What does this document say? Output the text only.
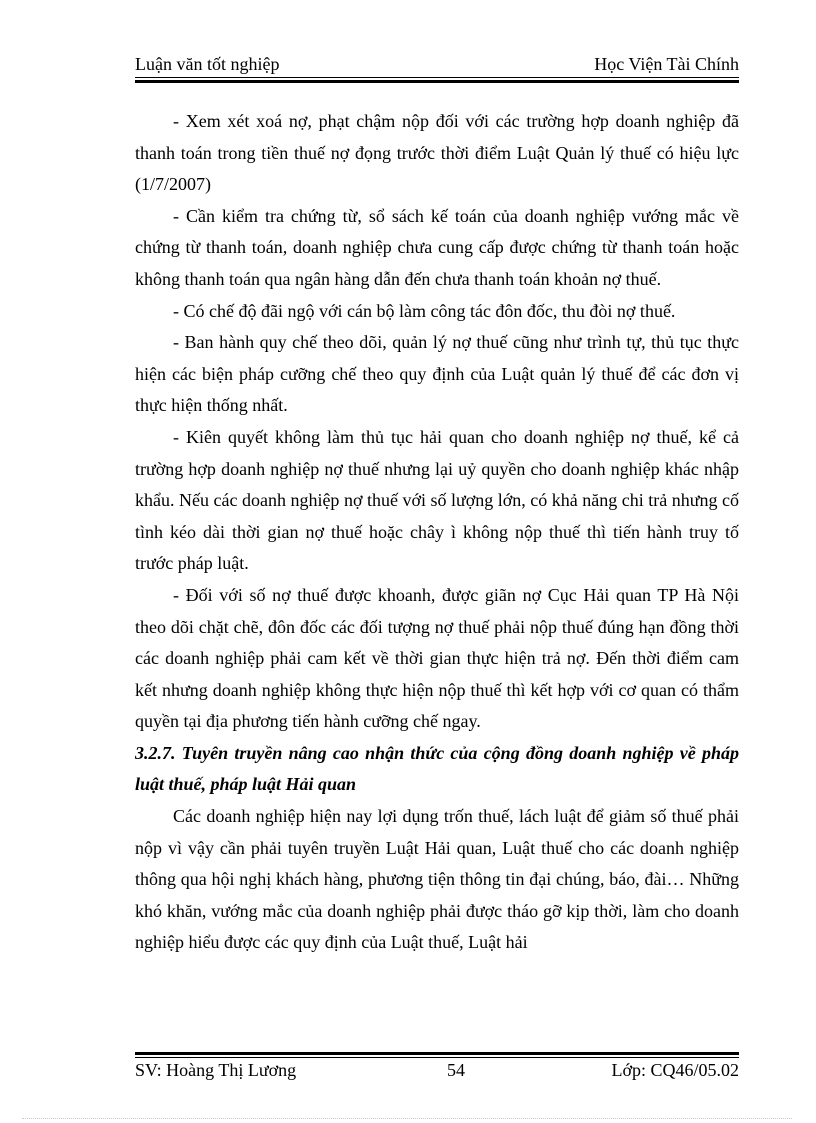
Luận văn tốt nghiệp	Học Viện Tài Chính

- Xem xét xoá nợ, phạt chậm nộp đối với các trường hợp doanh nghiệp đã thanh toán trong tiền thuế nợ đọng trước thời điểm Luật Quản lý thuế có hiệu lực (1/7/2007)

- Cần kiểm tra chứng từ, sổ sách kế toán của doanh nghiệp vướng mắc về chứng từ thanh toán, doanh nghiệp chưa cung cấp được chứng từ thanh toán hoặc không thanh toán qua ngân hàng dẫn đến chưa thanh toán khoản nợ thuế.

- Có chế độ đãi ngộ với cán bộ làm công tác đôn đốc, thu đòi nợ thuế.

- Ban hành quy chế theo dõi, quản lý nợ thuế cũng như trình tự, thủ tục thực hiện các biện pháp cưỡng chế theo quy định của Luật quản lý thuế để các đơn vị thực hiện thống nhất.

- Kiên quyết không làm thủ tục hải quan cho doanh nghiệp nợ thuế, kể cả trường hợp doanh nghiệp nợ thuế nhưng lại uỷ quyền cho doanh nghiệp khác nhập khẩu. Nếu các doanh nghiệp nợ thuế với số lượng lớn, có khả năng chi trả nhưng cố tình kéo dài thời gian nợ thuế hoặc chây ì không nộp thuế thì tiến hành truy tố trước pháp luật.

- Đối với số nợ thuế được khoanh, được giãn nợ Cục Hải quan TP Hà Nội theo dõi chặt chẽ, đôn đốc các đối tượng nợ thuế phải nộp thuế đúng hạn đồng thời các doanh nghiệp phải cam kết về thời gian thực hiện trả nợ. Đến thời điểm cam kết nhưng doanh nghiệp không thực hiện nộp thuế thì kết hợp với cơ quan có thẩm quyền tại địa phương tiến hành cưỡng chế ngay.

3.2.7. Tuyên truyền nâng cao nhận thức của cộng đồng doanh nghiệp về pháp luật thuế, pháp luật Hải quan

Các doanh nghiệp hiện nay lợi dụng trốn thuế, lách luật để giảm số thuế phải nộp vì vậy cần phải tuyên truyền Luật Hải quan, Luật thuế cho các doanh nghiệp thông qua hội nghị khách hàng, phương tiện thông tin đại chúng, báo, đài… Những khó khăn, vướng mắc của doanh nghiệp phải được tháo gỡ kịp thời, làm cho doanh nghiệp hiểu được các quy định của Luật thuế, Luật hải

SV: Hoàng Thị Lương	54	Lớp: CQ46/05.02
